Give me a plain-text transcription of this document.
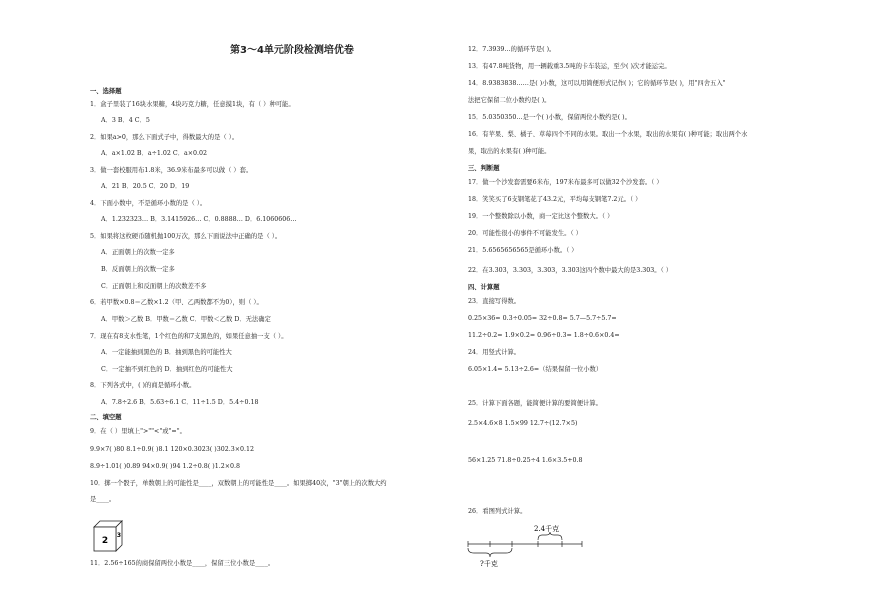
第3～4单元阶段检测培优卷
一、选择题
1．盒子里装了16块水果糖，4块巧克力糖，任意摸1块，有（ ）种可能。
A．3 B．4 C．5
2．如果a>0，那么下面式子中，得数最大的是（ ）。
A．a×1.02 B．a÷1.02 C．a×0.02
3．做一套校服用布1.8米，36.9米布最多可以做（ ）套。
A．21 B．20.5 C．20 D．19
4．下面小数中，不是循环小数的是（ ）。
A．1.232323… B．3.1415926… C．0.8888… D．6.1060606…
5．如果将这枚硬币随机抛100万次，那么下面说法中正确的是（ ）。
A．正面朝上的次数一定多
B．反面朝上的次数一定多
C．正面朝上和反面朝上的次数差不多
6．若甲数×0.8＝乙数×1.2（甲、乙两数都不为0），则（ ）。
A．甲数＞乙数 B．甲数＝乙数 C．甲数＜乙数 D．无法确定
7．现在有8支水性笔，1个红色的和7支黑色的，如果任意抽一支（ ）。
A．一定能抽到黑色的 B．抽到黑色的可能性大
C．一定抽不到红色的 D．抽到红色的可能性大
8．下列各式中，( )的商是循环小数。
A．7.8÷2.6 B．5.63÷6.1 C．11÷1.5 D．5.4÷0.18
二、填空题
9．在（ ）里填上">""<"或"="。
9.9×7( )80 8.1÷0.9( )8.1 120×0.3023( )302.3×0.12
8.9÷1.01( )0.89 94×0.9( )94 1.2÷0.8( )1.2×0.8
10．掷一个骰子，单数朝上的可能性是____，双数朝上的可能性是____。如果掷40次，"3"朝上的次数大约
是____。
2
3
11．2.56÷165的商保留两位小数是____，保留三位小数是____。
12．7.3939…的循环节是( )。
13．有47.8吨货物，用一辆载重3.5吨的卡车装运，至少( )次才能运完。
14．8.9383838……是( )小数，这可以用简便形式记作( )；它的循环节是( )，用"四舍五入"
法把它保留二位小数约是( )。
15．5.0350350…是一个( )小数，保留两位小数约是( )。
16．有苹果、梨、橘子、草莓四个不同的水果。取出一个水果，取出的水果有( )种可能；取出两个水
果，取出的水果有( )种可能。
三、判断题
17．做一个沙发套需要6米布，197米布最多可以做32个沙发套。（ ）
18．笑笑买了6支钢笔花了43.2元，平均每支钢笔7.2元。（ ）
19．一个整数除以小数，商一定比这个整数大。（ ）
20．可能性很小的事件不可能发生。（ ）
21．5.6565656565是循环小数。（ ）
22．在3.303，3.303，3.303，3.303这四个数中最大的是3.303。（ ）
四、计算题
23．直接写得数。
0.25×36= 0.3÷0.05= 32÷0.8= 5.7—5.7÷5.7=
11.2÷0.2= 1.9×0.2= 0.96÷0.3= 1.8÷0.6×0.4=
24．用竖式计算。
6.05×1.4= 5.13÷2.6=（结果保留一位小数）
25．计算下面各题，能简便计算的要简便计算。
2.5×4.6×8 1.5×99 12.7÷(12.7×5)
56×1.25 71.8÷0.25÷4 1.6×3.5+0.8
26．看图列式计算。
2.4千克
?千克
